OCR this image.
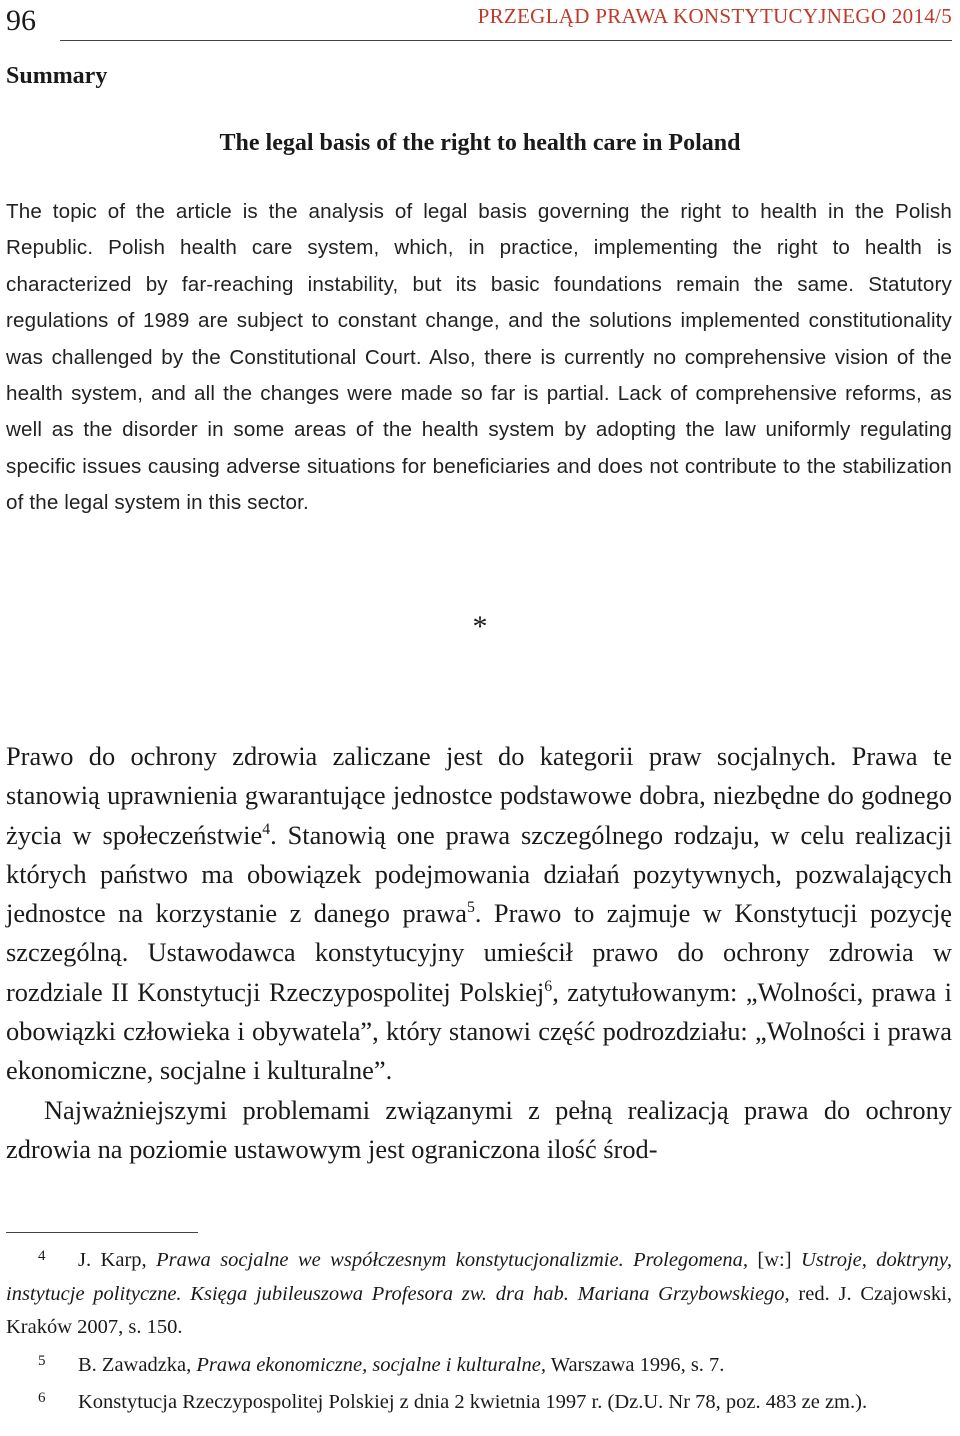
96	PRZEGLĄD PRAWA KONSTYTUCYJNEGO 2014/5
Summary
The legal basis of the right to health care in Poland
The topic of the article is the analysis of legal basis governing the right to health in the Polish Republic. Polish health care system, which, in practice, implementing the right to health is characterized by far-reaching instability, but its basic foundations remain the same. Statutory regulations of 1989 are subject to constant change, and the solutions implemented constitutionality was challenged by the Constitutional Court. Also, there is currently no comprehensive vision of the health system, and all the changes were made so far is partial. Lack of comprehensive reforms, as well as the disorder in some areas of the health system by adopting the law uniformly regulating specific issues causing adverse situations for beneficiaries and does not contribute to the stabilization of the legal system in this sector.
*

Prawo do ochrony zdrowia zaliczane jest do kategorii praw socjalnych. Prawa te stanowią uprawnienia gwarantujące jednostce podstawowe dobra, niezbędne do godnego życia w społeczeństwie$^4$. Stanowią one prawa szczególnego rodzaju, w celu realizacji których państwo ma obowiązek podejmowania działań pozytywnych, pozwalających jednostce na korzystanie z danego prawa$^5$. Prawo to zajmuje w Konstytucji pozycję szczególną. Ustawodawca konstytucyjny umieścił prawo do ochrony zdrowia w rozdziale II Konstytucji Rzeczypospolitej Polskiej$^6$, zatytułowanym: „Wolności, prawa i obowiązki człowieka i obywatela”, który stanowi część podrozdziału: „Wolności i prawa ekonomiczne, socjalne i kulturalne”.

Najważniejszymi problemami związanymi z pełną realizacją prawa do ochrony zdrowia na poziomie ustawowym jest ograniczona ilość środ-

4 J. Karp, Prawa socjalne we współczesnym konstytucjonalizmie. Prolegomena, [w:] Ustroje, doktryny, instytucje polityczne. Księga jubileuszowa Profesora zw. dra hab. Mariana Grzybowskiego, red. J. Czajowski, Kraków 2007, s. 150.

5 B. Zawadzka, Prawa ekonomiczne, socjalne i kulturalne, Warszawa 1996, s. 7.

6 Konstytucja Rzeczypospolitej Polskiej z dnia 2 kwietnia 1997 r. (Dz.U. Nr 78, poz. 483 ze zm.).
